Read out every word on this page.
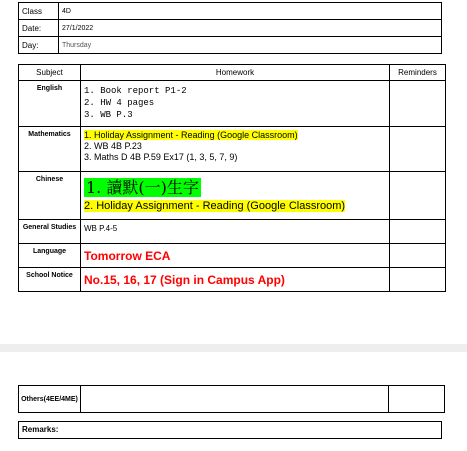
Class	4D
Date:	27/1/2022
Day:	Thursday
Subject	Homework	Reminders
English	1. Book report P1-2
2. HW 4 pages
3. WB P.3	

Mathematics	1. Holiday Assignment - Reading (Google Classroom)
2. WB 4B P.23
3. Maths D 4B P.59 Ex17 (1, 3, 5, 7, 9)	

Chinese	1. 讀默(一)生字
2. Holiday Assignment - Reading (Google Classroom)	

General Studies	WB P.4-5	

Language	Tomorrow ECA	

School Notice	No.15, 16, 17 (Sign in Campus App)	

Others(4EE/4ME)		
Remarks:
